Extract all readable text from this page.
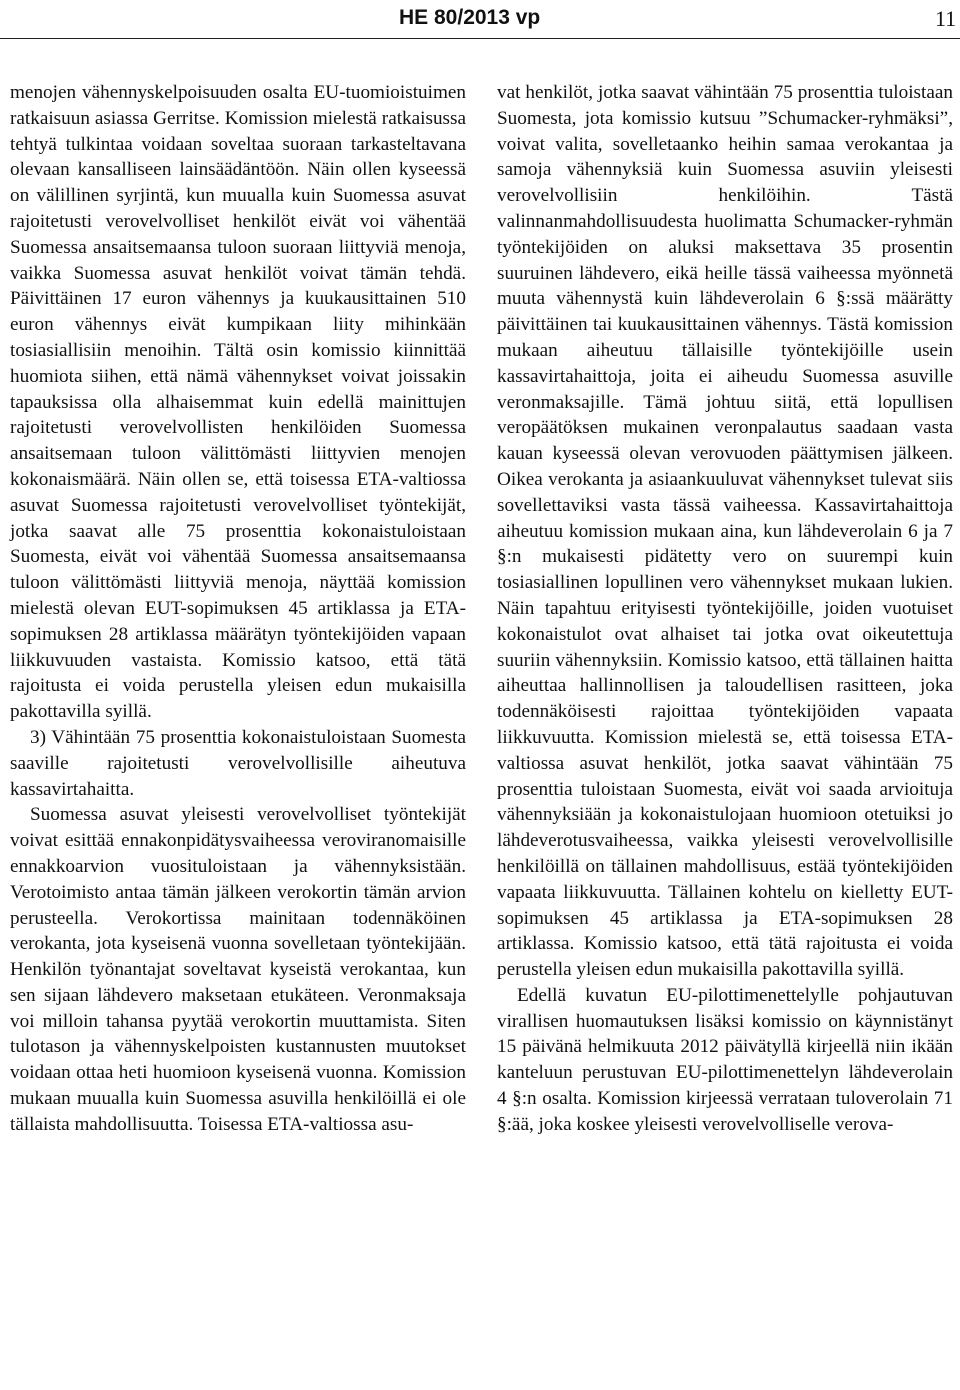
HE 80/2013 vp	11

menojen vähennyskelpoisuuden osalta EU-tuomioistuimen ratkaisuun asiassa Gerritse. Komission mielestä ratkaisussa tehtyä tulkintaa voidaan soveltaa suoraan tarkasteltavana olevaan kansalliseen lainsäädäntöön. Näin ollen kyseessä on välillinen syrjintä, kun muualla kuin Suomessa asuvat rajoitetusti verovelvolliset henkilöt eivät voi vähentää Suomessa ansaitsemaansa tuloon suoraan liittyviä menoja, vaikka Suomessa asuvat henkilöt voivat tämän tehdä. Päivittäinen 17 euron vähennys ja kuukausittainen 510 euron vähennys eivät kumpikaan liity mihinkään tosiasiallisiin menoihin. Tältä osin komissio kiinnittää huomiota siihen, että nämä vähennykset voivat joissakin tapauksissa olla alhaisemmat kuin edellä mainittujen rajoitetusti verovelvollisten henkilöiden Suomessa ansaitsemaan tuloon välittömästi liittyvien menojen kokonaismäärä. Näin ollen se, että toisessa ETA-valtiossa asuvat Suomessa rajoitetusti verovelvolliset työntekijät, jotka saavat alle 75 prosenttia kokonaistuloistaan Suomesta, eivät voi vähentää Suomessa ansaitsemaansa tuloon välittömästi liittyviä menoja, näyttää komission mielestä olevan EUT-sopimuksen 45 artiklassa ja ETA-sopimuksen 28 artiklassa määrätyn työntekijöiden vapaan liikkuvuuden vastaista. Komissio katsoo, että tätä rajoitusta ei voida perustella yleisen edun mukaisilla pakottavilla syillä.

3) Vähintään 75 prosenttia kokonaistuloistaan Suomesta saaville rajoitetusti verovelvollisille aiheutuva kassavirtahaitta.

Suomessa asuvat yleisesti verovelvolliset työntekijät voivat esittää ennakonpidätysvaiheessa veroviranomaisille ennakkoarvion vuosituloistaan ja vähennyksistään. Verotoimisto antaa tämän jälkeen verokortin tämän arvion perusteella. Verokortissa mainitaan todennäköinen verokanta, jota kyseisenä vuonna sovelletaan työntekijään. Henkilön työnantajat soveltavat kyseistä verokantaa, kun sen sijaan lähdevero maksetaan etukäteen. Veronmaksaja voi milloin tahansa pyytää verokortin muuttamista. Siten tulotason ja vähennyskelpoisten kustannusten muutokset voidaan ottaa heti huomioon kyseisenä vuonna. Komission mukaan muualla kuin Suomessa asuvilla henkilöillä ei ole tällaista mahdollisuutta. Toisessa ETA-valtiossa asu-

vat henkilöt, jotka saavat vähintään 75 prosenttia tuloistaan Suomesta, jota komissio kutsuu ”Schumacker-ryhmäksi”, voivat valita, sovelletaanko heihin samaa verokantaa ja samoja vähennyksiä kuin Suomessa asuviin yleisesti verovelvollisiin henkilöihin. Tästä valinnanmahdollisuudesta huolimatta Schumacker-ryhmän työntekijöiden on aluksi maksettava 35 prosentin suuruinen lähdevero, eikä heille tässä vaiheessa myönnetä muuta vähennystä kuin lähdeverolain 6 §:ssä määrätty päivittäinen tai kuukausittainen vähennys. Tästä komission mukaan aiheutuu tällaisille työntekijöille usein kassavirtahaittoja, joita ei aiheudu Suomessa asuville veronmaksajille. Tämä johtuu siitä, että lopullisen veropäätöksen mukainen veronpalautus saadaan vasta kauan kyseessä olevan verovuoden päättymisen jälkeen. Oikea verokanta ja asiaankuuluvat vähennykset tulevat siis sovellettaviksi vasta tässä vaiheessa. Kassavirtahaittoja aiheutuu komission mukaan aina, kun lähdeverolain 6 ja 7 §:n mukaisesti pidätetty vero on suurempi kuin tosiasiallinen lopullinen vero vähennykset mukaan lukien. Näin tapahtuu erityisesti työntekijöille, joiden vuotuiset kokonaistulot ovat alhaiset tai jotka ovat oikeutettuja suuriin vähennyksiin. Komissio katsoo, että tällainen haitta aiheuttaa hallinnollisen ja taloudellisen rasitteen, joka todennäköisesti rajoittaa työntekijöiden vapaata liikkuvuutta. Komission mielestä se, että toisessa ETA-valtiossa asuvat henkilöt, jotka saavat vähintään 75 prosenttia tuloistaan Suomesta, eivät voi saada arvioituja vähennyksiään ja kokonaistulojaan huomioon otetuiksi jo lähdeverotusvaiheessa, vaikka yleisesti verovelvollisille henkilöillä on tällainen mahdollisuus, estää työntekijöiden vapaata liikkuvuutta. Tällainen kohtelu on kielletty EUT-sopimuksen 45 artiklassa ja ETA-sopimuksen 28 artiklassa. Komissio katsoo, että tätä rajoitusta ei voida perustella yleisen edun mukaisilla pakottavilla syillä.

Edellä kuvatun EU-pilottimenettelylle pohjautuvan virallisen huomautuksen lisäksi komissio on käynnistänyt 15 päivänä helmikuuta 2012 päivätyllä kirjeellä niin ikään kanteluun perustuvan EU-pilottimenettelyn lähdeverolain 4 §:n osalta. Komission kirjeessä verrataan tuloverolain 71 §:ää, joka koskee yleisesti verovelvolliselle verova-
